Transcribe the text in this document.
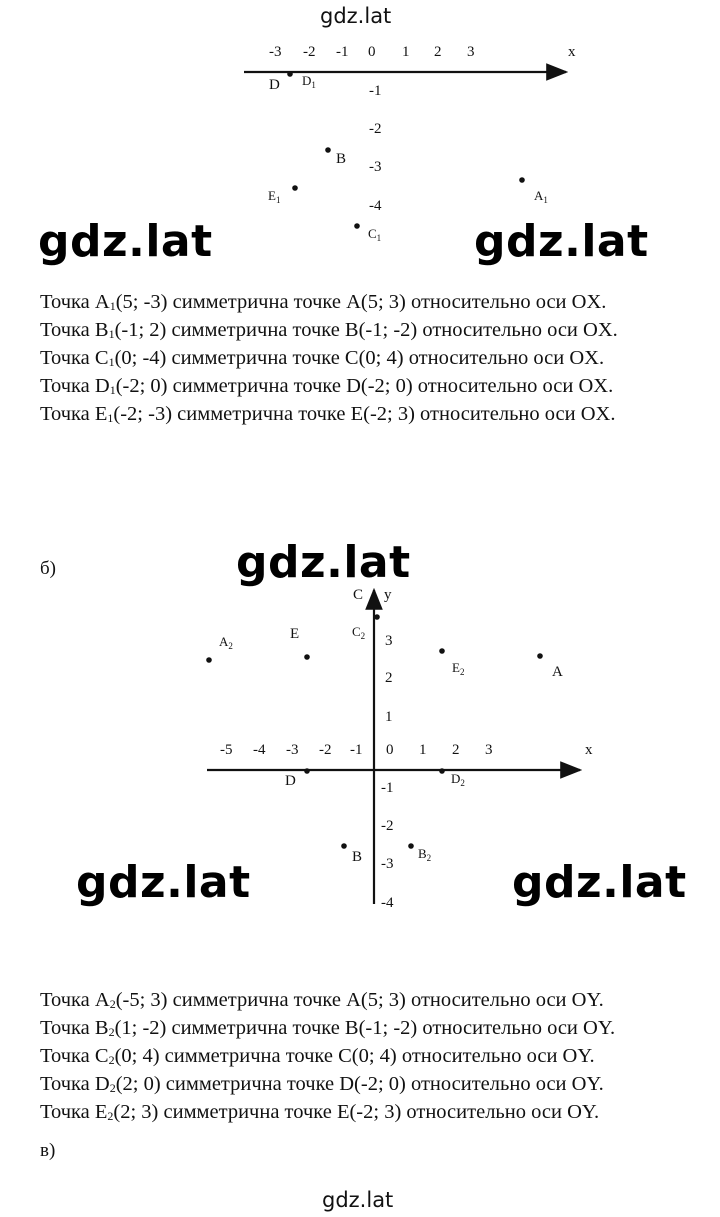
gdz.lat
gdz.lat	gdz.lat
gdz.lat
gdz.lat	gdz.lat
gdz.lat
x
-3 -2 -1 0 1 2 3
-1
-2
-3
-4
D $D_1$
B
$E_1$
$C_1$
$A_1$
x
y
-5 -4 -3 -2 -1 0 1 2 3
3
2
1
-1
-2
-3
-4
$A_2$
E
C
$C_2$
$E_2$	A
D	$D_2$
B	$B_2$
Точка $A_1(5$; -3) симметрична точке A(5; 3) относительно оси OX.
Точка $B_1(-1$; 2) симметрична точке B(-1; -2) относительно оси OX.
Точка $C_1(0$; -4) симметрична точке C(0; 4) относительно оси OX.
Точка $D_1(-2$; 0) симметрична точке D(-2; 0) относительно оси OX.
Точка $E_1(-2$; -3) симметрична точке E(-2; 3) относительно оси OX.
б)
Точка $A_2(-5$; 3) симметрична точке A(5; 3) относительно оси OY.
Точка $B_2(1$; -2) симметрична точке B(-1; -2) относительно оси OY.
Точка $C_2(0$; 4) симметрична точке C(0; 4) относительно оси OY.
Точка $D_2(2$; 0) симметрична точке D(-2; 0) относительно оси OY.
Точка $E_2(2$; 3) симметрична точке E(-2; 3) относительно оси OY.
в)
